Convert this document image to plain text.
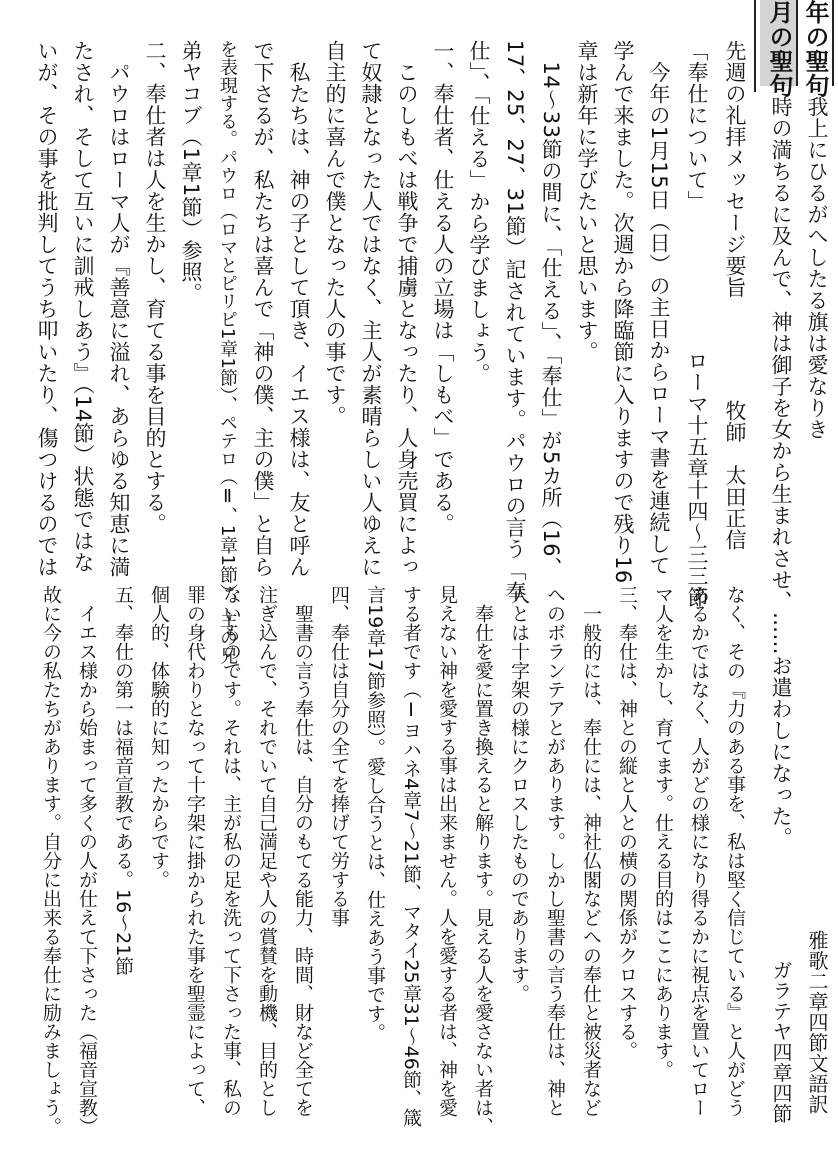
年の聖句
月の聖句
我上にひるがへしたる旗は愛なりき
雅歌二章四節文語訳
時の満ちるに及んで、神は御子を女から生まれさせ、……お遣わしになった。
ガラテヤ四章四節
先週の礼拝メッセージ要旨
「奉仕について」
ローマ十五章十四〜三三節 牧師　太田正信
　今年の1月15日（日）の主日からローマ書を連続して
学んで来ました。次週から降臨節に入りますので残り16
章は新年に学びたいと思います。
　14〜33節の間に、「仕える」、「奉仕」が5カ所（16、
17、25、27、31節）記されています。パウロの言う「奉
仕」、「仕える」から学びましょう。
一、奉仕者、仕える人の立場は「しもべ」である。
　このしもべは戦争で捕虜となったり、人身売買によっ
て奴隷となった人ではなく、主人が素晴らしい人ゆえに
自主的に喜んで僕となった人の事です。
　私たちは、神の子として頂き、イエス様は、友と呼ん
で下さるが、私たちは喜んで「神の僕、主の僕」と自ら
を表現する。パウロ（ロマとピリピ1章1節）、ペテロ（Ⅱ、1章1節）、主の兄
弟ヤコブ（1章1節）参照。
二、奉仕者は人を生かし、育てる事を目的とする。
　パウロはローマ人が『善意に溢れ、あらゆる知恵に満
たされ、そして互いに訓戒しあう』（14節）状態ではな
いが、その事を批判してうち叩いたり、傷つけるのでは
なく、その『力のある事を、私は堅く信じている』と人がどう
あるかではなく、人がどの様になり得るかに視点を置いてロー
マ人を生かし、育てます。仕える目的はここにあります。
三、奉仕は、神との縦と人との横の関係がクロスする。
　一般的には、奉仕には、神社仏閣などへの奉仕と被災者など
へのボランテアとがあります。しかし聖書の言う奉仕は、神と
人とは十字架の様にクロスしたものであります。
　奉仕を愛に置き換えると解ります。見える人を愛さない者は、
見えない神を愛する事は出来ません。人を愛する者は、神を愛
する者です（Ⅰヨハネ4章7〜21節、マタイ25章31〜46節、箴
言19章17節参照）。愛し合うとは、仕えあう事です。
四、奉仕は自分の全てを捧げて労する事
　聖書の言う奉仕は、自分のもてる能力、時間、財など全てを
注ぎ込んで、それでいて自己満足や人の賞賛を動機、目的とし
ないものです。それは、主が私の足を洗って下さった事、私の
罪の身代わりとなって十字架に掛かられた事を聖霊によって、
個人的、体験的に知ったからです。
五、奉仕の第一は福音宣教である。16〜21節
　イエス様から始まって多くの人が仕えて下さった（福音宣教）
故に今の私たちがあります。自分に出来る奉仕に励みましょう。
